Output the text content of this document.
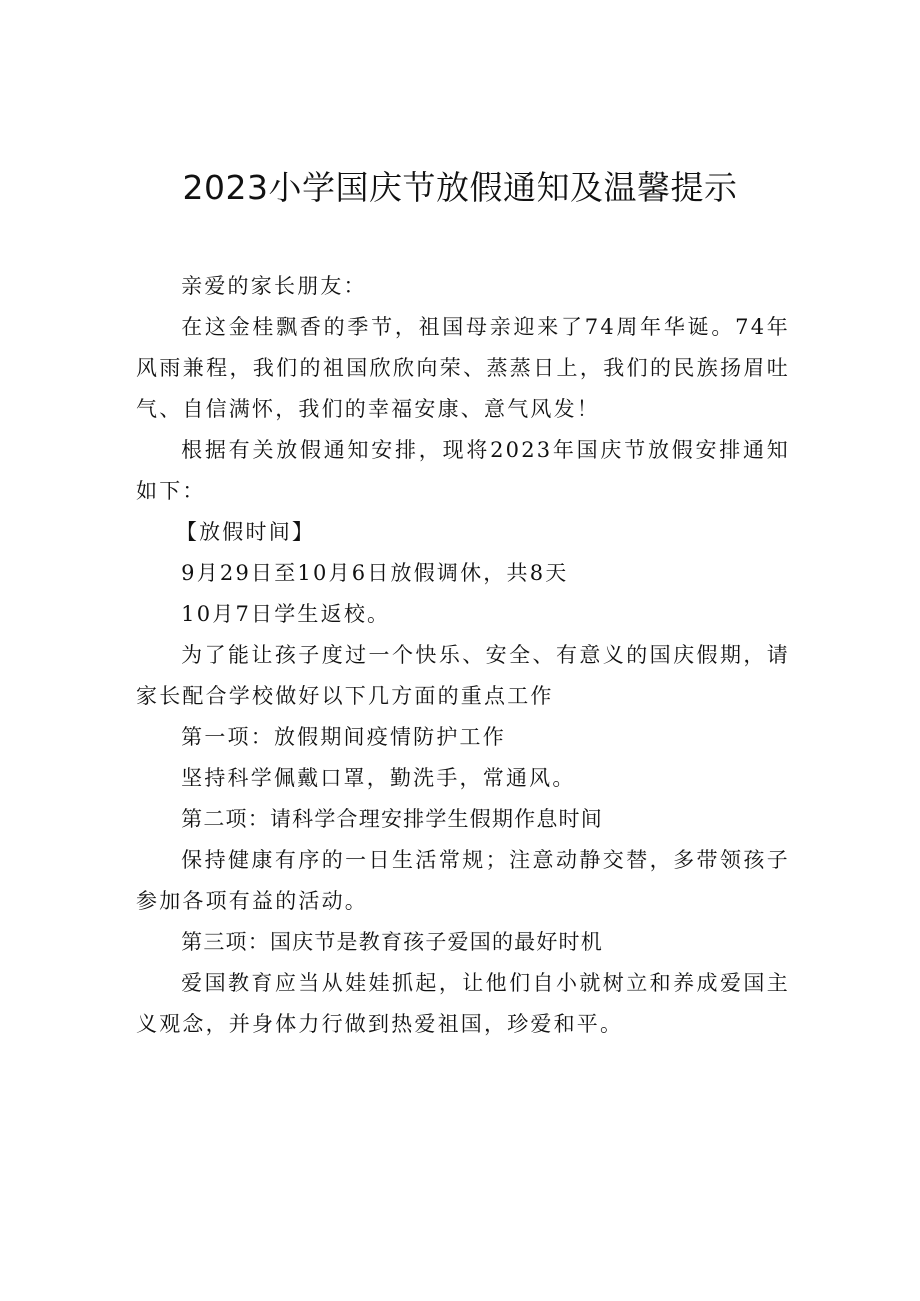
2023小学国庆节放假通知及温馨提示

亲爱的家长朋友：

在这金桂飘香的季节，祖国母亲迎来了74周年华诞。74年风雨兼程，我们的祖国欣欣向荣、蒸蒸日上，我们的民族扬眉吐气、自信满怀，我们的幸福安康、意气风发！

根据有关放假通知安排，现将2023年国庆节放假安排通知如下：

【放假时间】

9月29日至10月6日放假调休，共8天

10月7日学生返校。

为了能让孩子度过一个快乐、安全、有意义的国庆假期，请家长配合学校做好以下几方面的重点工作

第一项：放假期间疫情防护工作

坚持科学佩戴口罩，勤洗手，常通风。

第二项：请科学合理安排学生假期作息时间

保持健康有序的一日生活常规；注意动静交替，多带领孩子参加各项有益的活动。

第三项：国庆节是教育孩子爱国的最好时机

爱国教育应当从娃娃抓起，让他们自小就树立和养成爱国主义观念，并身体力行做到热爱祖国，珍爱和平。
